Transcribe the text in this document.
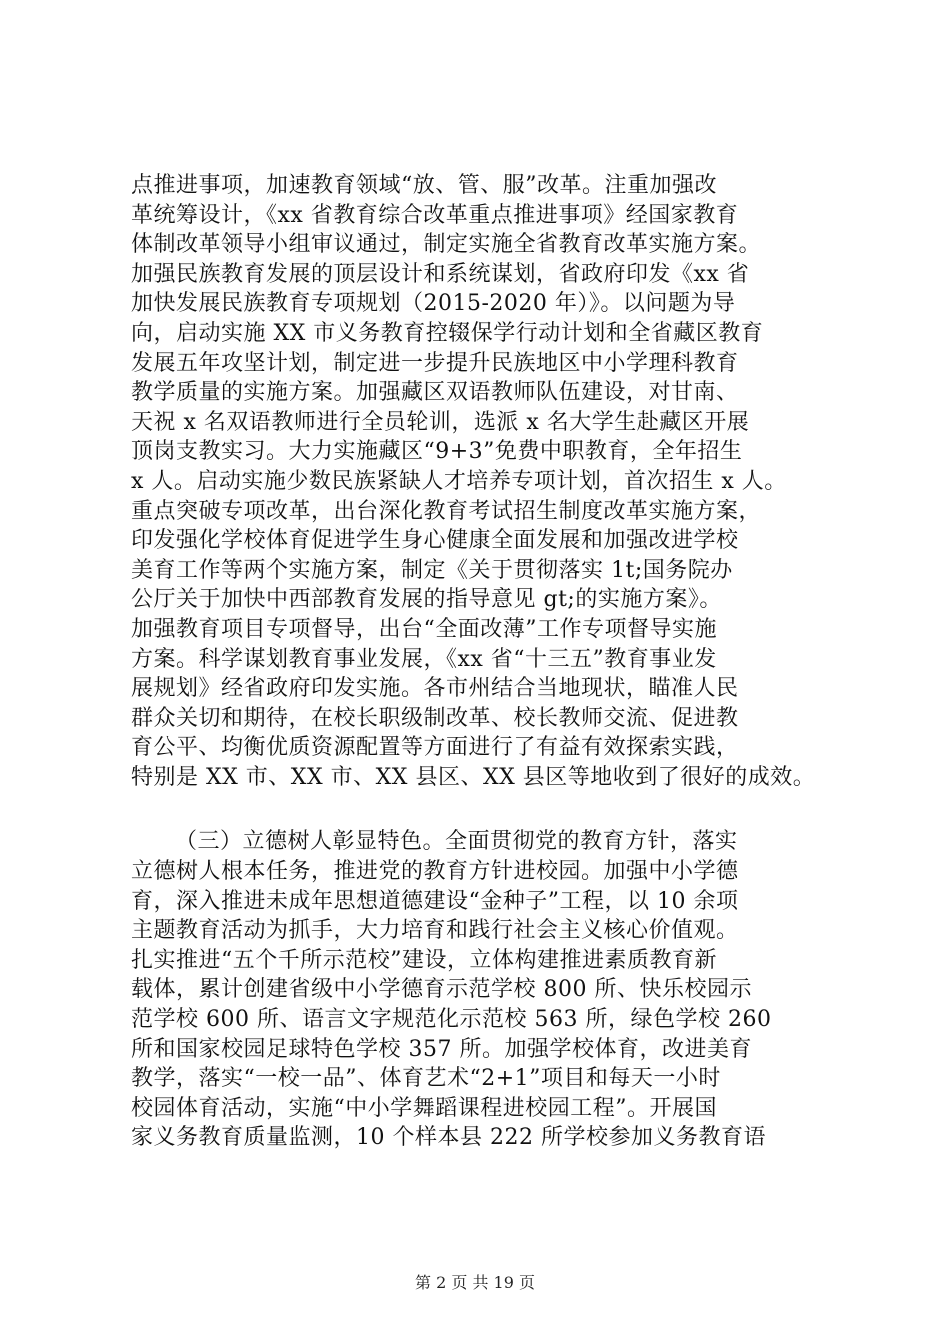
点推进事项，加速教育领域“放、管、服”改革。注重加强改
革统筹设计，《xx 省教育综合改革重点推进事项》经国家教育
体制改革领导小组审议通过，制定实施全省教育改革实施方案。
加强民族教育发展的顶层设计和系统谋划，省政府印发《xx 省
加快发展民族教育专项规划（2015-2020 年）》。以问题为导
向，启动实施 XX 市义务教育控辍保学行动计划和全省藏区教育
发展五年攻坚计划，制定进一步提升民族地区中小学理科教育
教学质量的实施方案。加强藏区双语教师队伍建设，对甘南、
天祝 x 名双语教师进行全员轮训，选派 x 名大学生赴藏区开展
顶岗支教实习。大力实施藏区“9+3”免费中职教育，全年招生
x 人。启动实施少数民族紧缺人才培养专项计划，首次招生 x 人。
重点突破专项改革，出台深化教育考试招生制度改革实施方案，
印发强化学校体育促进学生身心健康全面发展和加强改进学校
美育工作等两个实施方案，制定《关于贯彻落实 1t;国务院办
公厅关于加快中西部教育发展的指导意见 gt;的实施方案》。
加强教育项目专项督导，出台“全面改薄”工作专项督导实施
方案。科学谋划教育事业发展，《xx 省“十三五”教育事业发
展规划》经省政府印发实施。各市州结合当地现状，瞄准人民
群众关切和期待，在校长职级制改革、校长教师交流、促进教
育公平、均衡优质资源配置等方面进行了有益有效探索实践，
特别是 XX 市、XX 市、XX 县区、XX 县区等地收到了很好的成效。
（三）立德树人彰显特色。全面贯彻党的教育方针，落实
立德树人根本任务，推进党的教育方针进校园。加强中小学德
育，深入推进未成年思想道德建设“金种子”工程，以 10 余项
主题教育活动为抓手，大力培育和践行社会主义核心价值观。
扎实推进“五个千所示范校”建设，立体构建推进素质教育新
载体，累计创建省级中小学德育示范学校 800 所、快乐校园示
范学校 600 所、语言文字规范化示范校 563 所，绿色学校 260
所和国家校园足球特色学校 357 所。加强学校体育，改进美育
教学，落实“一校一品”、体育艺术“2+1”项目和每天一小时
校园体育活动，实施“中小学舞蹈课程进校园工程”。开展国
家义务教育质量监测，10 个样本县 222 所学校参加义务教育语
第 2 页 共 19 页
